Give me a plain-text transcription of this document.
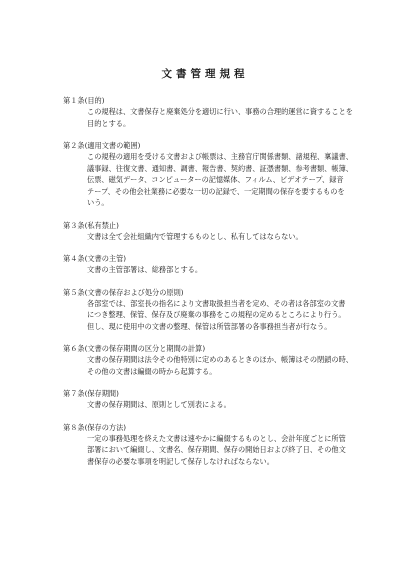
文書管理規程
第１条(目的)
この規程は、文書保存と廃棄処分を適切に行い、事務の合理的運営に資することを
目的とする。
第２条(適用文書の範囲)
この規程の適用を受ける文書および帳票は、主務官庁関係書類、諸規程、稟議書、
議事録、往復文書、通知書、調書、報告書、契約書、証憑書類、参考書類、帳簿、
伝票、磁気データ、コンピューターの記憶媒体、フィルム、ビデオテープ、録音
テープ、その他会社業務に必要な一切の記録で、一定期間の保存を要するものを
いう。
第３条(私有禁止)
文書は全て会社組織内で管理するものとし、私有してはならない。
第４条(文書の主管)
文書の主管部署は、総務部とする。
第５条(文書の保存および処分の原則)
各部室では、部室長の指名により文書取扱担当者を定め、その者は各部室の文書
につき整理、保管、保存及び廃棄の事務をこの規程の定めるところにより行う。
但し、現に使用中の文書の整理、保管は所管部署の各事務担当者が行なう。
第６条(文書の保存期間の区分と期間の計算)
文書の保存期間は法令その他特別に定めのあるときのほか、帳簿はその閉鎖の時、
その他の文書は編綴の時から起算する。
第７条(保存期間)
文書の保存期間は、原則として別表による。
第８条(保存の方法)
一定の事務処理を終えた文書は速やかに編綴するものとし、会計年度ごとに所管
部署において編綴し、文書名、保存期間、保存の開始日および終了日、その他文
書保存の必要な事項を明記して保存しなければならない。
